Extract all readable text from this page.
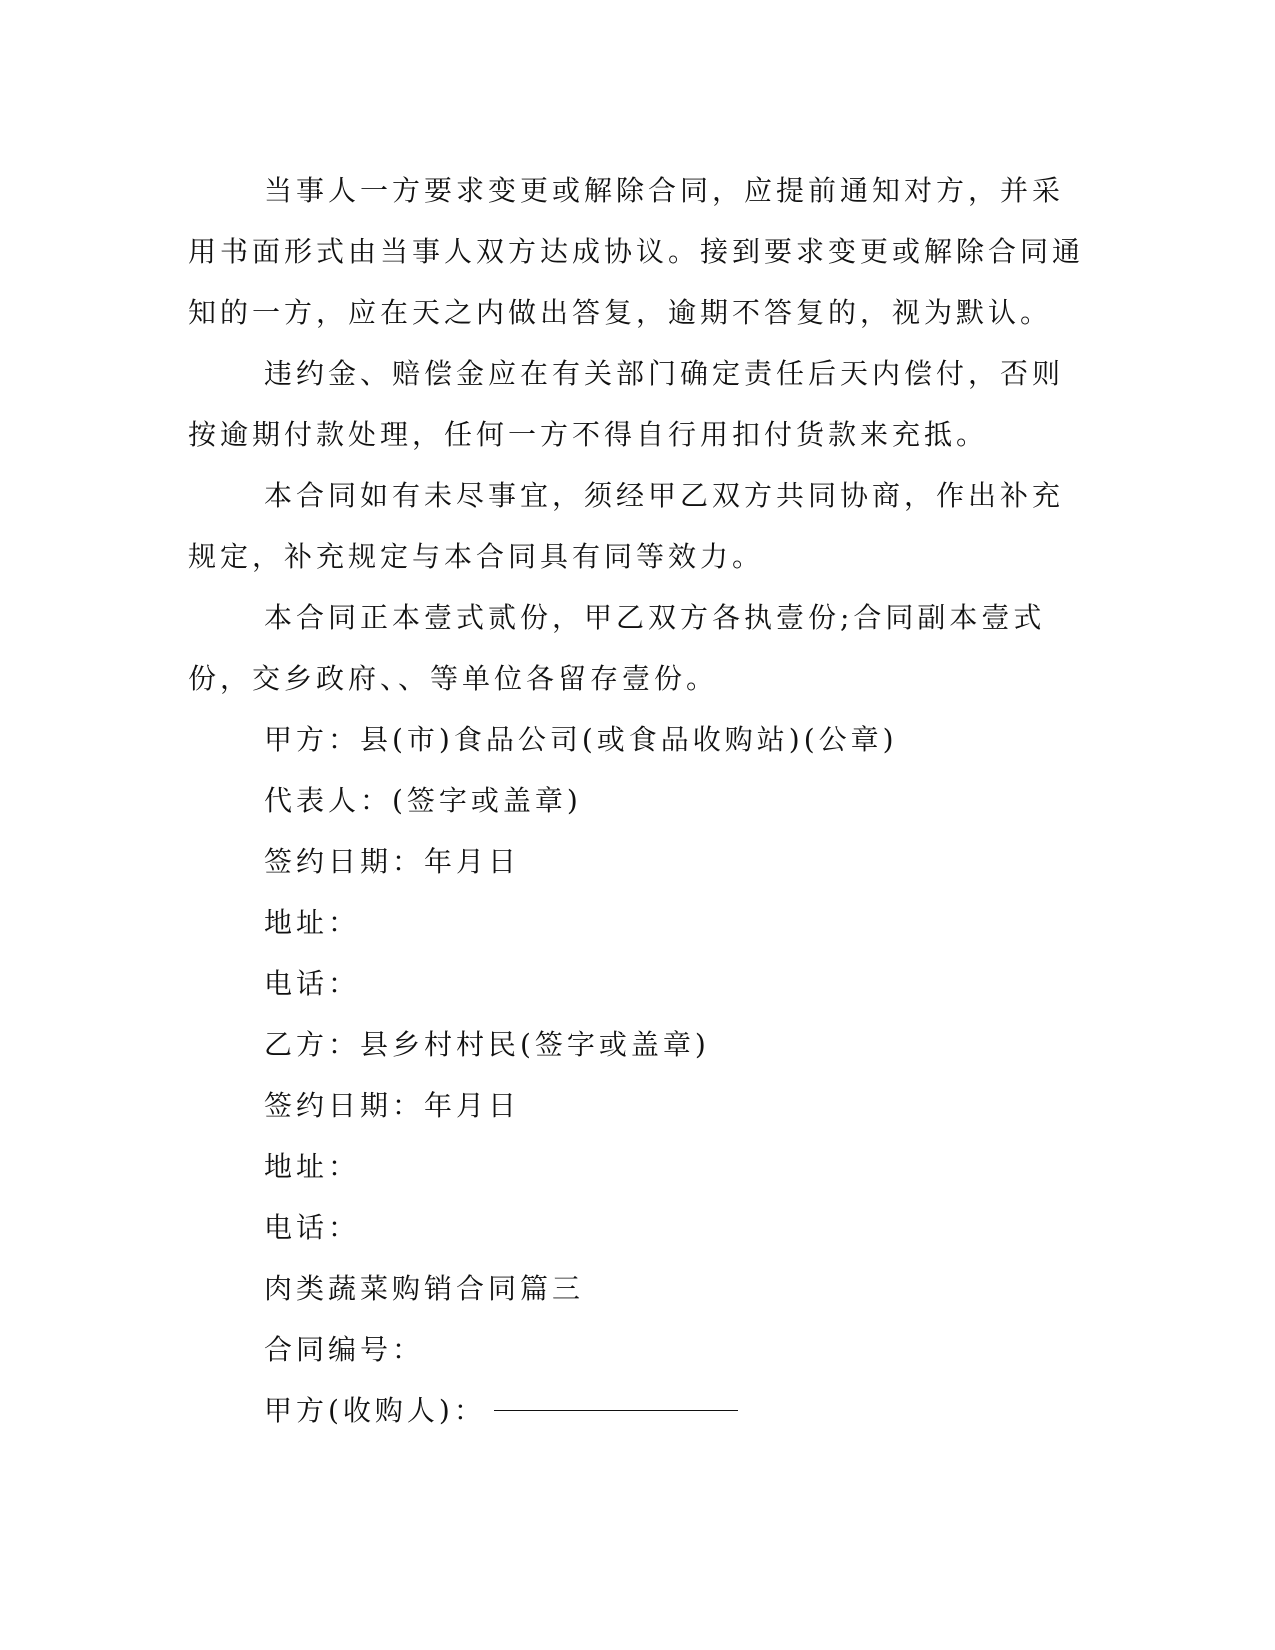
当事人一方要求变更或解除合同，应提前通知对方，并采用书面形式由当事人双方达成协议。接到要求变更或解除合同通知的一方，应在天之内做出答复，逾期不答复的，视为默认。

违约金、赔偿金应在有关部门确定责任后天内偿付，否则按逾期付款处理，任何一方不得自行用扣付货款来充抵。

本合同如有未尽事宜，须经甲乙双方共同协商，作出补充规定，补充规定与本合同具有同等效力。

本合同正本壹式贰份，甲乙双方各执壹份;合同副本壹式份，交乡政府、、等单位各留存壹份。

甲方：县(市)食品公司(或食品收购站)(公章)

代表人：(签字或盖章)

签约日期：年月日

地址：

电话：

乙方：县乡村村民(签字或盖章)

签约日期：年月日

地址：

电话：

肉类蔬菜购销合同篇三

合同编号：

甲方(收购人)：
